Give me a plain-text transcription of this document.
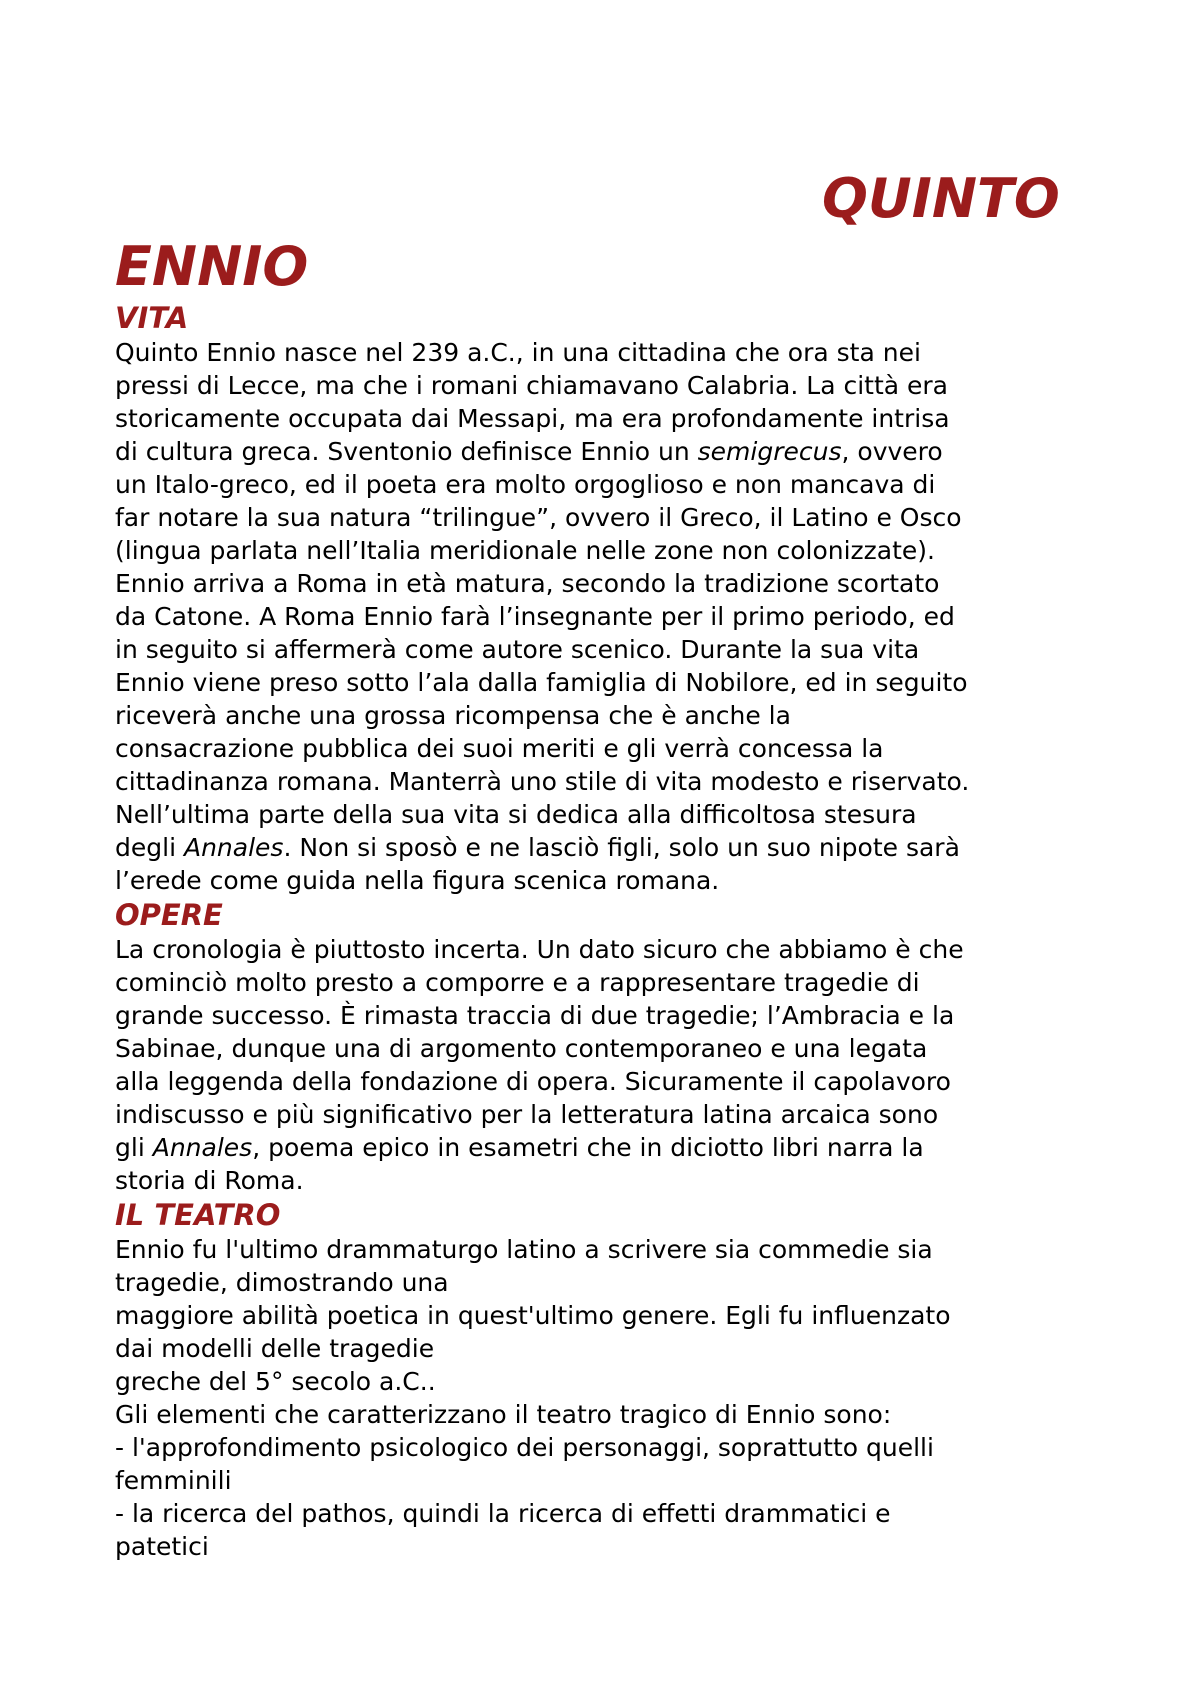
QUINTO
ENNIO
VITA
Quinto Ennio nasce nel 239 a.C., in una cittadina che ora sta nei
pressi di Lecce, ma che i romani chiamavano Calabria. La città era
storicamente occupata dai Messapi, ma era profondamente intrisa
di cultura greca. Sventonio definisce Ennio un semigrecus, ovvero
un Italo-greco, ed il poeta era molto orgoglioso e non mancava di
far notare la sua natura “trilingue”, ovvero il Greco, il Latino e Osco
(lingua parlata nell’Italia meridionale nelle zone non colonizzate).
Ennio arriva a Roma in età matura, secondo la tradizione scortato
da Catone. A Roma Ennio farà l’insegnante per il primo periodo, ed
in seguito si affermerà come autore scenico. Durante la sua vita
Ennio viene preso sotto l’ala dalla famiglia di Nobilore, ed in seguito
riceverà anche una grossa ricompensa che è anche la
consacrazione pubblica dei suoi meriti e gli verrà concessa la
cittadinanza romana. Manterrà uno stile di vita modesto e riservato.
Nell’ultima parte della sua vita si dedica alla difficoltosa stesura
degli Annales. Non si sposò e ne lasciò figli, solo un suo nipote sarà
l’erede come guida nella figura scenica romana.
OPERE
La cronologia è piuttosto incerta. Un dato sicuro che abbiamo è che
cominciò molto presto a comporre e a rappresentare tragedie di
grande successo. È rimasta traccia di due tragedie; l’Ambracia e la
Sabinae, dunque una di argomento contemporaneo e una legata
alla leggenda della fondazione di opera. Sicuramente il capolavoro
indiscusso e più significativo per la letteratura latina arcaica sono
gli Annales, poema epico in esametri che in diciotto libri narra la
storia di Roma.
IL TEATRO
Ennio fu l'ultimo drammaturgo latino a scrivere sia commedie sia
tragedie, dimostrando una
maggiore abilità poetica in quest'ultimo genere. Egli fu influenzato
dai modelli delle tragedie
greche del 5° secolo a.C..
Gli elementi che caratterizzano il teatro tragico di Ennio sono:
- l'approfondimento psicologico dei personaggi, soprattutto quelli
femminili
- la ricerca del pathos, quindi la ricerca di effetti drammatici e
patetici
